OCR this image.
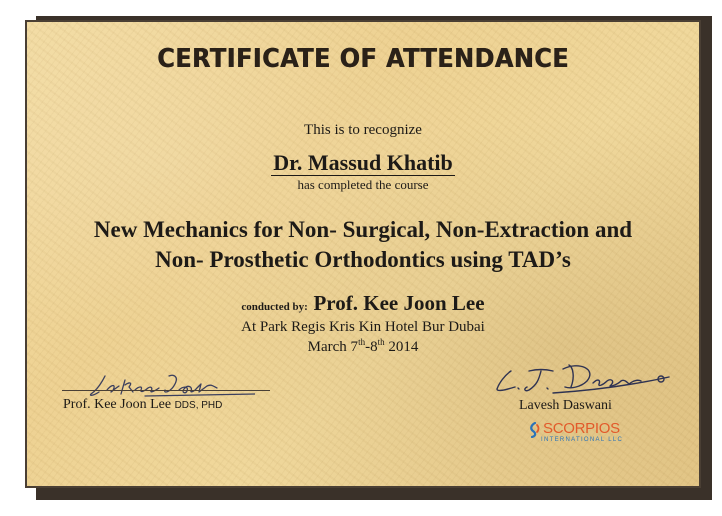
CERTIFICATE OF ATTENDANCE
This is to recognize
Dr. Massud Khatib
has completed the course
New Mechanics for Non- Surgical, Non-Extraction and
Non- Prosthetic Orthodontics using TAD’s
conducted by: Prof. Kee Joon Lee
At Park Regis Kris Kin Hotel Bur Dubai
March 7th-8th 2014
Prof. Kee Joon Lee DDS, PHD	Lavesh Daswani
SCORPIOS
INTERNATIONAL LLC
